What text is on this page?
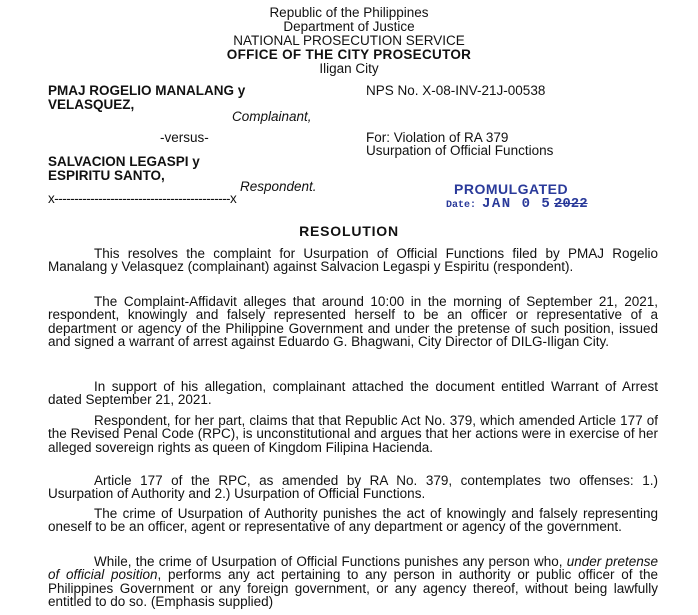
Republic of the Philippines
Department of Justice
NATIONAL PROSECUTION SERVICE
OFFICE OF THE CITY PROSECUTOR
Iligan City
PMAJ ROGELIO MANALANG y
VELASQUEZ,
Complainant,
NPS No. X-08-INV-21J-00538
-versus-	For: Violation of RA 379
Usurpation of Official Functions
SALVACION LEGASPI y
ESPIRITU SANTO,
Respondent.
x--------------------------------------------x
PROMULGATED
Date: JAN 0 5 2022
RESOLUTION
This resolves the complaint for Usurpation of Official Functions filed by PMAJ Rogelio Manalang y Velasquez (complainant) against Salvacion Legaspi y Espiritu (respondent).
The Complaint-Affidavit alleges that around 10:00 in the morning of September 21, 2021, respondent, knowingly and falsely represented herself to be an officer or representative of a department or agency of the Philippine Government and under the pretense of such position, issued and signed a warrant of arrest against Eduardo G. Bhagwani, City Director of DILG-Iligan City.
In support of his allegation, complainant attached the document entitled Warrant of Arrest dated September 21, 2021.
Respondent, for her part, claims that that Republic Act No. 379, which amended Article 177 of the Revised Penal Code (RPC), is unconstitutional and argues that her actions were in exercise of her alleged sovereign rights as queen of Kingdom Filipina Hacienda.
Article 177 of the RPC, as amended by RA No. 379, contemplates two offenses: 1.) Usurpation of Authority and 2.) Usurpation of Official Functions.
The crime of Usurpation of Authority punishes the act of knowingly and falsely representing oneself to be an officer, agent or representative of any department or agency of the government.
While, the crime of Usurpation of Official Functions punishes any person who, under pretense of official position, performs any act pertaining to any person in authority or public officer of the Philippines Government or any foreign government, or any agency thereof, without being lawfully entitled to do so. (Emphasis supplied)
